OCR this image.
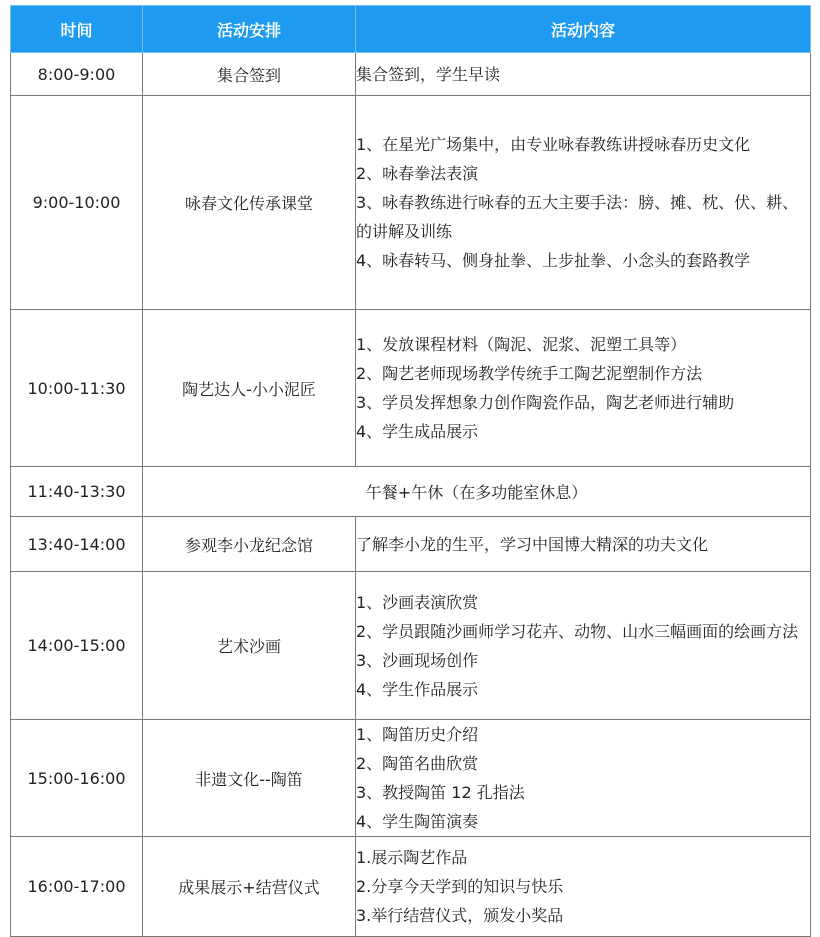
时间	活动安排	活动内容
8:00-9:00	集合签到	集合签到，学生早读

9:00-10:00	咏春文化传承课堂	1、在星光广场集中，由专业咏春教练讲授咏春历史文化
2、咏春拳法表演
3、咏春教练进行咏春的五大主要手法：膀、摊、枕、伏、耕、的讲解及训练
4、咏春转马、侧身扯拳、上步扯拳、小念头的套路教学

10:00-11:30	陶艺达人-小小泥匠	1、发放课程材料（陶泥、泥浆、泥塑工具等）
2、陶艺老师现场教学传统手工陶艺泥塑制作方法
3、学员发挥想象力创作陶瓷作品，陶艺老师进行辅助
4、学生成品展示

11:40-13:30	午餐+午休（在多功能室休息）	
13:40-14:00	参观李小龙纪念馆	了解李小龙的生平，学习中国博大精深的功夫文化

14:00-15:00	艺术沙画	1、沙画表演欣赏
2、学员跟随沙画师学习花卉、动物、山水三幅画面的绘画方法
3、沙画现场创作
4、学生作品展示

15:00-16:00	非遗文化--陶笛	1、陶笛历史介绍
2、陶笛名曲欣赏
3、教授陶笛 12 孔指法
4、学生陶笛演奏

16:00-17:00	成果展示+结营仪式	1.展示陶艺作品
2.分享今天学到的知识与快乐
3.举行结营仪式，颁发小奖品
